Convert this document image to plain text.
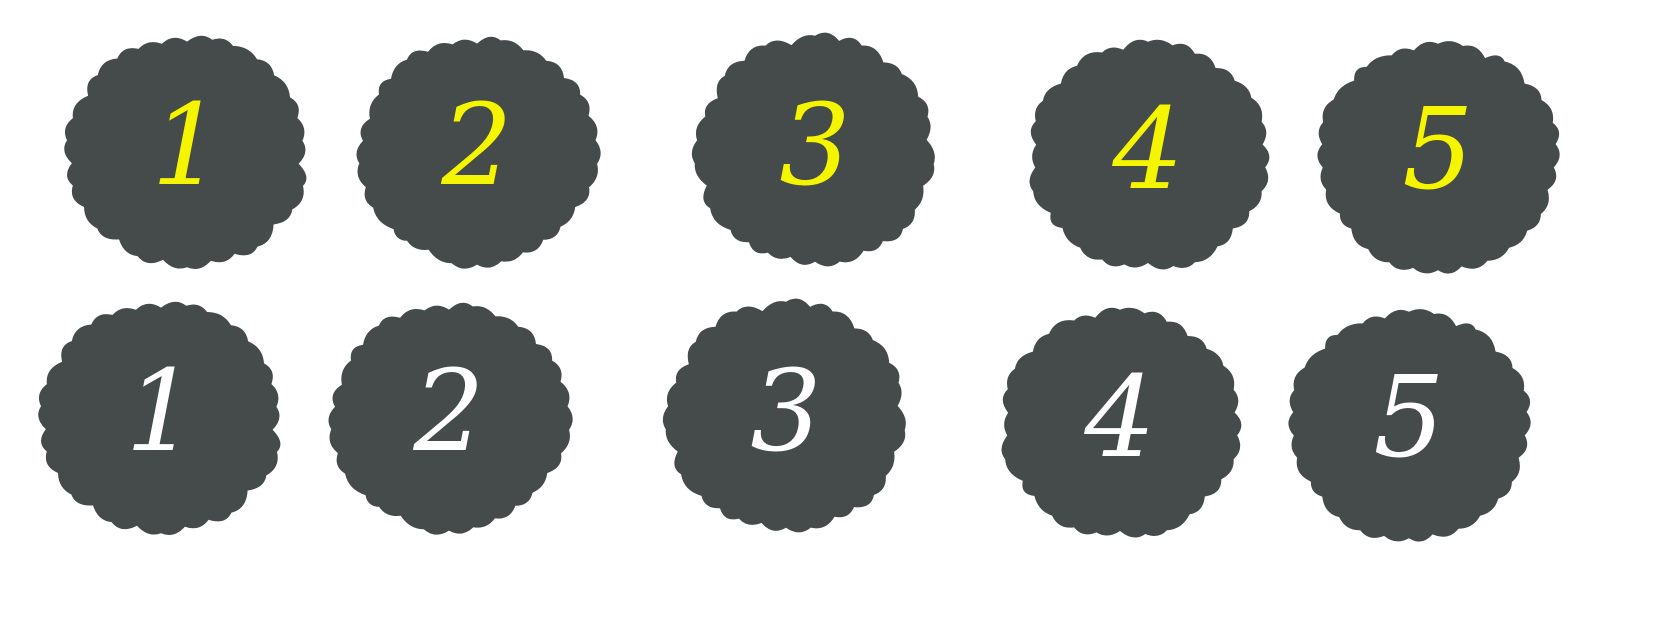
1	2	3	4	5
1	2	3	4	5
